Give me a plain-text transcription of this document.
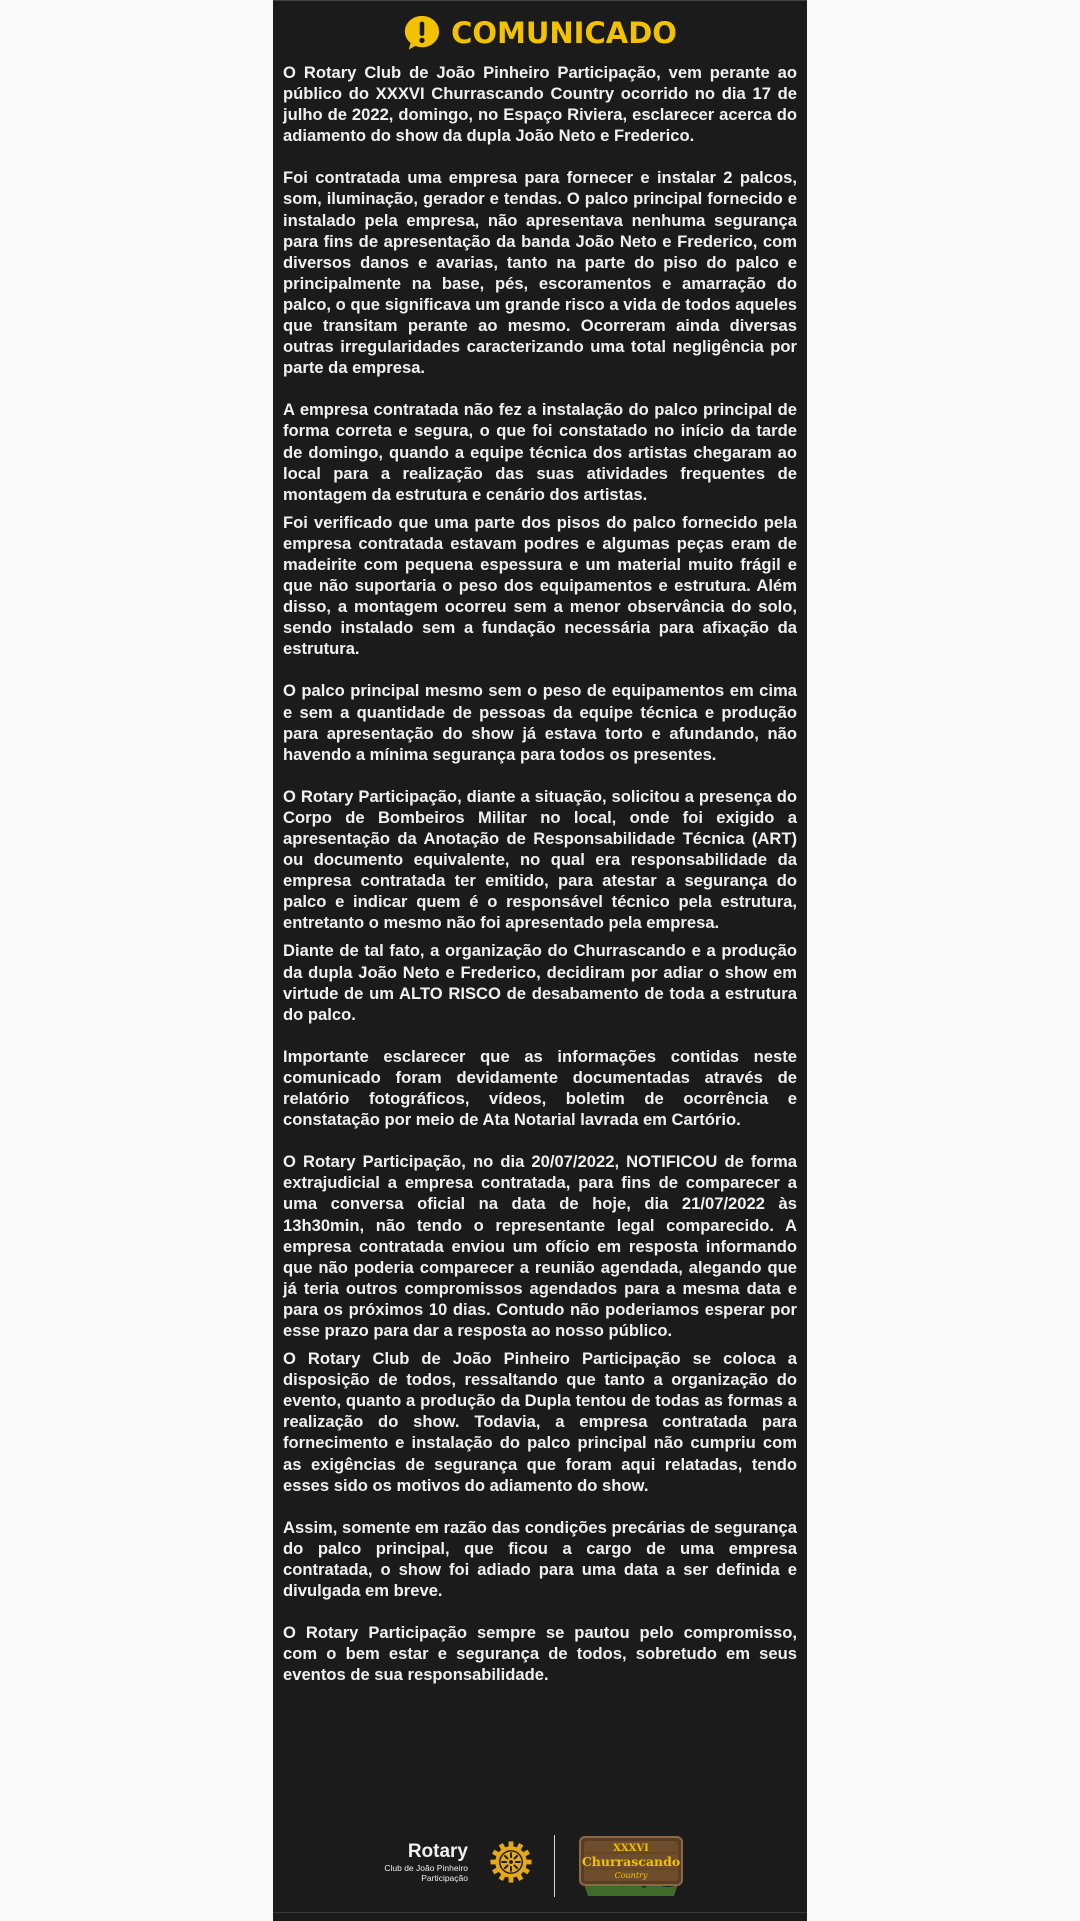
COMUNICADO

O Rotary Club de João Pinheiro Participação, vem perante ao público do XXXVI Churrascando Country ocorrido no dia 17 de julho de 2022, domingo, no Espaço Riviera, esclarecer acerca do adiamento do show da dupla João Neto e Frederico.

Foi contratada uma empresa para fornecer e instalar 2 palcos, som, iluminação, gerador e tendas. O palco principal fornecido e instalado pela empresa, não apresentava nenhuma segurança para fins de apresentação da banda João Neto e Frederico, com diversos danos e avarias, tanto na parte do piso do palco e principalmente na base, pés, escoramentos e amarração do palco, o que significava um grande risco a vida de todos aqueles que transitam perante ao mesmo. Ocorreram ainda diversas outras irregularidades caracterizando uma total negligência por parte da empresa.

A empresa contratada não fez a instalação do palco principal de forma correta e segura, o que foi constatado no início da tarde de domingo, quando a equipe técnica dos artistas chegaram ao local para a realização das suas atividades frequentes de montagem da estrutura e cenário dos artistas.

Foi verificado que uma parte dos pisos do palco fornecido pela empresa contratada estavam podres e algumas peças eram de madeirite com pequena espessura e um material muito frágil e que não suportaria o peso dos equipamentos e estrutura. Além disso, a montagem ocorreu sem a menor observância do solo, sendo instalado sem a fundação necessária para afixação da estrutura.

O palco principal mesmo sem o peso de equipamentos em cima e sem a quantidade de pessoas da equipe técnica e produção para apresentação do show já estava torto e afundando, não havendo a mínima segurança para todos os presentes.

O Rotary Participação, diante a situação, solicitou a presença do Corpo de Bombeiros Militar no local, onde foi exigido a apresentação da Anotação de Responsabilidade Técnica (ART) ou documento equivalente, no qual era responsabilidade da empresa contratada ter emitido, para atestar a segurança do palco e indicar quem é o responsável técnico pela estrutura, entretanto o mesmo não foi apresentado pela empresa.

Diante de tal fato, a organização do Churrascando e a produção da dupla João Neto e Frederico, decidiram por adiar o show em virtude de um ALTO RISCO de desabamento de toda a estrutura do palco.

Importante esclarecer que as informações contidas neste comunicado foram devidamente documentadas através de relatório fotográficos, vídeos, boletim de ocorrência e constatação por meio de Ata Notarial lavrada em Cartório.

O Rotary Participação, no dia 20/07/2022, NOTIFICOU de forma extrajudicial a empresa contratada, para fins de comparecer a uma conversa oficial na data de hoje, dia 21/07/2022 às 13h30min, não tendo o representante legal comparecido. A empresa contratada enviou um ofício em resposta informando que não poderia comparecer a reunião agendada, alegando que já teria outros compromissos agendados para a mesma data e para os próximos 10 dias. Contudo não poderiamos esperar por esse prazo para dar a resposta ao nosso público.

O Rotary Club de João Pinheiro Participação se coloca a disposição de todos, ressaltando que tanto a organização do evento, quanto a produção da Dupla tentou de todas as formas a realização do show. Todavia, a empresa contratada para fornecimento e instalação do palco principal não cumpriu com as exigências de segurança que foram aqui relatadas, tendo esses sido os motivos do adiamento do show.

Assim, somente em razão das condições precárias de segurança do palco principal, que ficou a cargo de uma empresa contratada, o show foi adiado para uma data a ser definida e divulgada em breve.

O Rotary Participação sempre se pautou pelo compromisso, com o bem estar e segurança de todos, sobretudo em seus eventos de sua responsabilidade.

Rotary
Club de João Pinheiro
Participação
XXXVI
Churrascando
Country
